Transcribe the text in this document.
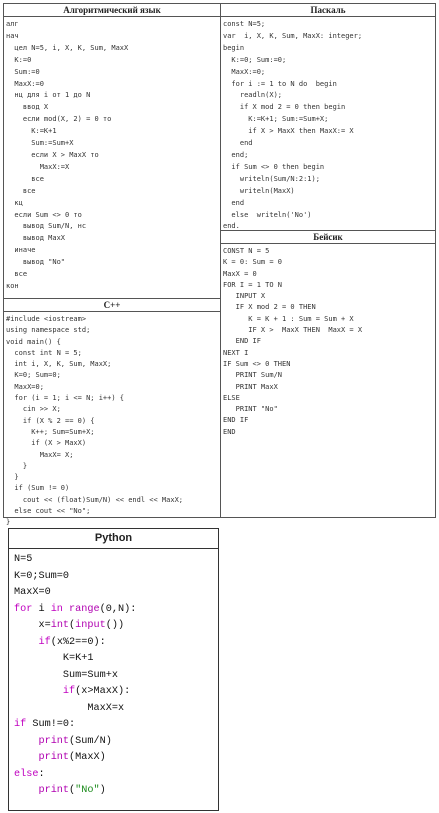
Алгоритмический язык
алг
нач
цел N=5, i, X, K, Sum, MaxX
K:=0
Sum:=0
MaxX:=0
нц для i от 1 до N
ввод X
если mod(X, 2) = 0 то
K:=K+1
Sum:=Sum+X
если X > MaxX то
MaxX:=X
все
все
кц
если Sum <> 0 то
вывод Sum/N, нс
вывод MaxX
иначе
вывод "No"
все
кон
Паскаль
const N=5;
var  i, X, K, Sum, MaxX: integer;
begin
K:=0; Sum:=0;
MaxX:=0;
for i := 1 to N do  begin
readln(X);
if X mod 2 = 0 then begin
K:=K+1; Sum:=Sum+X;
if X > MaxX then MaxX:= X
end
end;
if Sum <> 0 then begin
writeln(Sum/N:2:1);
writeln(MaxX)
end
else  writeln('No')
end.
Бейсик
CONST N = 5
K = 0: Sum = 0
MaxX = 0
FOR I = 1 TO N
INPUT X
IF X mod 2 = 0 THEN
K = K + 1 : Sum = Sum + X
IF X >  MaxX THEN  MaxX = X
END IF
NEXT I
IF Sum <> 0 THEN
PRINT Sum/N
PRINT MaxX
ELSE
PRINT "No"
END IF
END
C++
#include <iostream>
using namespace std;
void main() {
const int N = 5;
int i, X, K, Sum, MaxX;
K=0; Sum=0;
MaxX=0;
for (i = 1; i <= N; i++) {
cin >> X;
if (X % 2 == 0) {
K++; Sum=Sum+X;
if (X > MaxX)
MaxX= X;
}
}
if (Sum != 0)
cout << (float)Sum/N) << endl << MaxX;
else cout << "No";
}
Python
N=5
K=0;Sum=0
MaxX=0
for i in range(0,N):
x=int(input())
if(x%2==0):
K=K+1
Sum=Sum+x
if(x>MaxX):
MaxX=x
if Sum!=0:
print(Sum/N)
print(MaxX)
else:
print("No")
